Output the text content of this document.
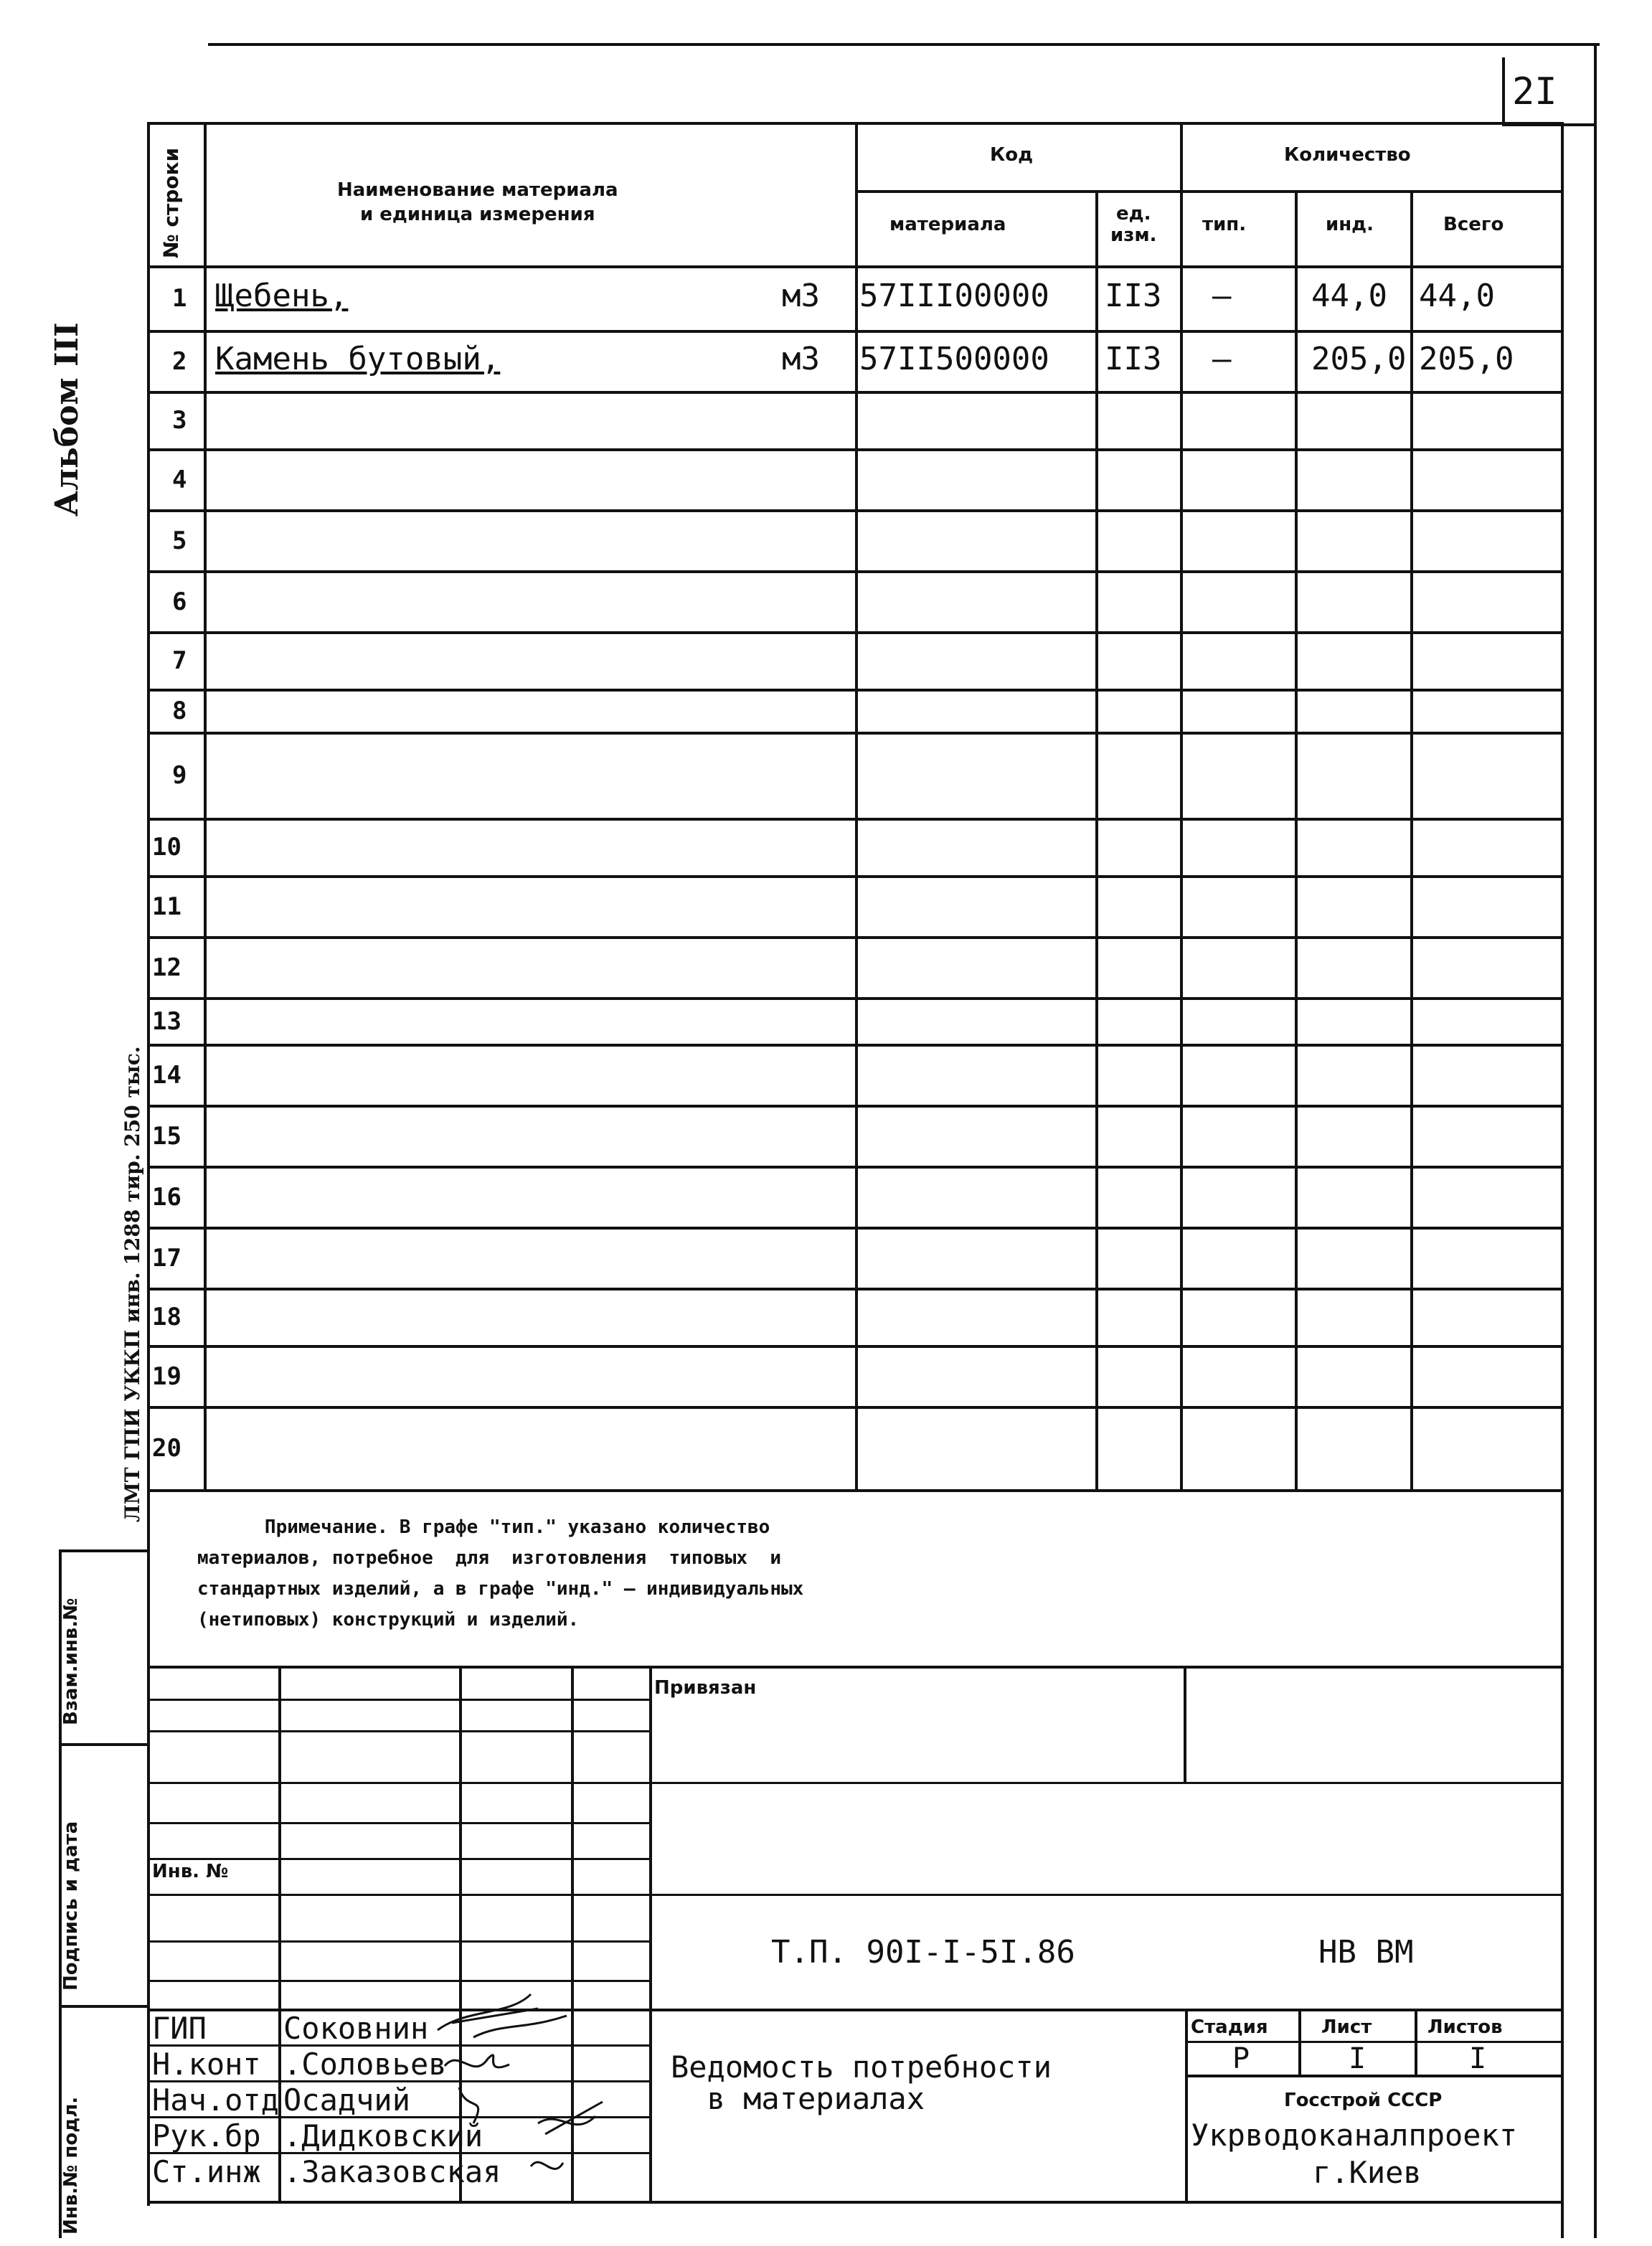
2I
Альбом III
№ строки	Наименование материала
и единица измерения
Код
материала	ед.
изм.
Количество
тип.	инд.	Всего
1 Щебень,	м3 57III00000 II3 –	44,0 44,0
2 Камень бутовый,	м3 57II500000 II3 –	205,0 205,0
3
4
5
6
7
8
9
10
11
12
13
14
15
16
17
18
19
20
Примечание. В графе "тип." указано количество
материалов, потребное  для  изготовления  типовых  и
стандартных изделий, а в графе "инд." – индивидуальных
(нетиповых) конструкций и изделий.
Взам.инв.№
Подпись и дата
Инв.№ подл.
ЛМТ ГПИ УККП инв. 1288 тир. 250 тыс.
Привязан
Инв. №
Т.П. 90I-I-5I.86	НВ ВМ
Стадия	Лист	Листов
Р	I	I
Госстрой СССР
Укрводоканалпроект
г.Киев
Ведомость потребности
в материалах
ГИП	Соковнин
Н.конт .Соловьев
Нач.отд Осадчий
Рук.бр .Дидковский
Ст.инж .Заказовская
